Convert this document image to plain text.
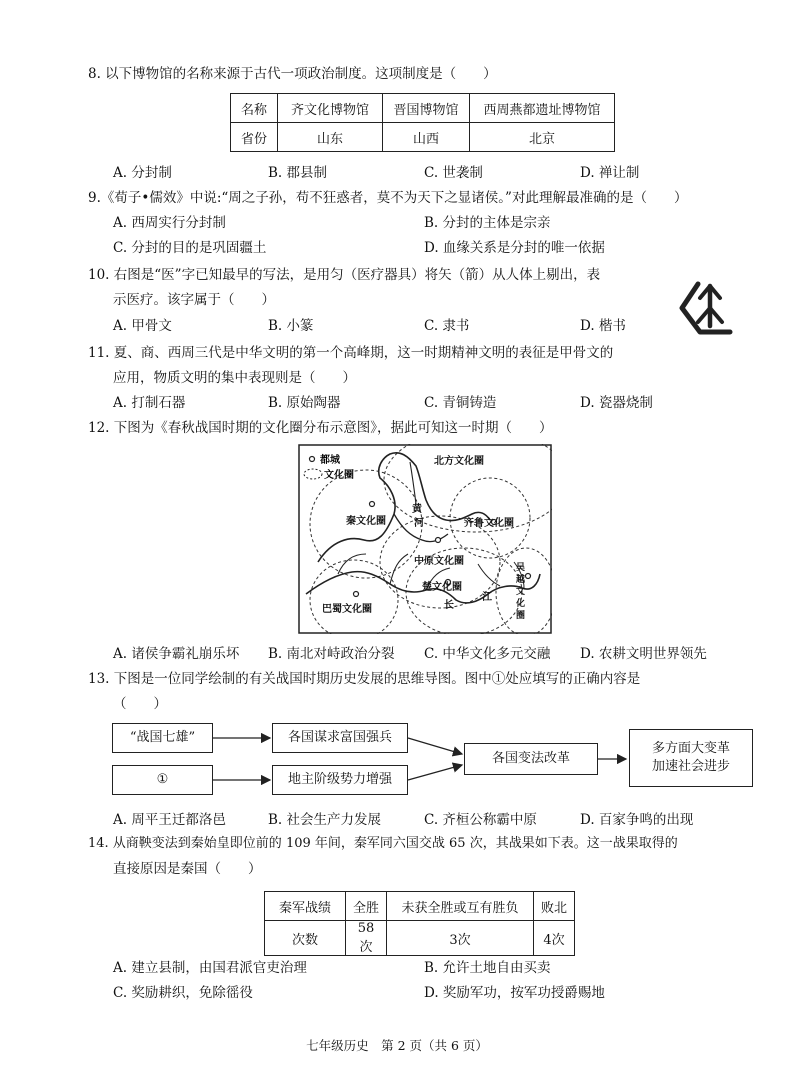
8. 以下博物馆的名称来源于古代一项政治制度。这项制度是（　　）
名称	齐文化博物馆	晋国博物馆	西周燕都遗址博物馆
省份	山东	山西	北京
A. 分封制	B. 郡县制	C. 世袭制	D. 禅让制
9.《荀子•儒效》中说:“周之子孙，苟不狂惑者，莫不为天下之显诸侯。”对此理解最准确的是（　　）
A. 西周实行分封制	B. 分封的主体是宗亲
C. 分封的目的是巩固疆土	D. 血缘关系是分封的唯一依据
10. 右图是“医”字已知最早的写法，是用匀（医疗器具）将矢（箭）从人体上剔出，表
示医疗。该字属于（　　）
A. 甲骨文	B. 小篆	C. 隶书	D. 楷书
11. 夏、商、西周三代是中华文明的第一个高峰期，这一时期精神文明的表征是甲骨文的
应用，物质文明的集中表现则是（　　）
A. 打制石器	B. 原始陶器	C. 青铜铸造	D. 瓷器烧制
12. 下图为《春秋战国时期的文化圈分布示意图》，据此可知这一时期（　　）
都城
文化圈
北方文化圈
秦文化圈	齐鲁文化圈
中原文化圈
楚文化圈
巴蜀文化圈
黄
河
长
江
吴
越
文
化
圈
A. 诸侯争霸礼崩乐坏 B. 南北对峙政治分裂 C. 中华文化多元交融 D. 农耕文明世界领先
13. 下图是一位同学绘制的有关战国时期历史发展的思维导图。图中①处应填写的正确内容是
（　　）
“战国七雄”	各国谋求富国强兵
①	地主阶级势力增强
各国变法改革
多方面大变革
加速社会进步
A. 周平王迁都洛邑	B. 社会生产力发展	C. 齐桓公称霸中原	D. 百家争鸣的出现
14. 从商鞅变法到秦始皇即位前的 109 年间，秦军同六国交战 65 次，其战果如下表。这一战果取得的
直接原因是秦国（　　）
秦军战绩	全胜	未获全胜或互有胜负	败北
次数	58次	3次	4次
A. 建立县制，由国君派官吏治理	B. 允许土地自由买卖
C. 奖励耕织，免除徭役	D. 奖励军功，按军功授爵赐地
七年级历史　第 2 页（共 6 页）
